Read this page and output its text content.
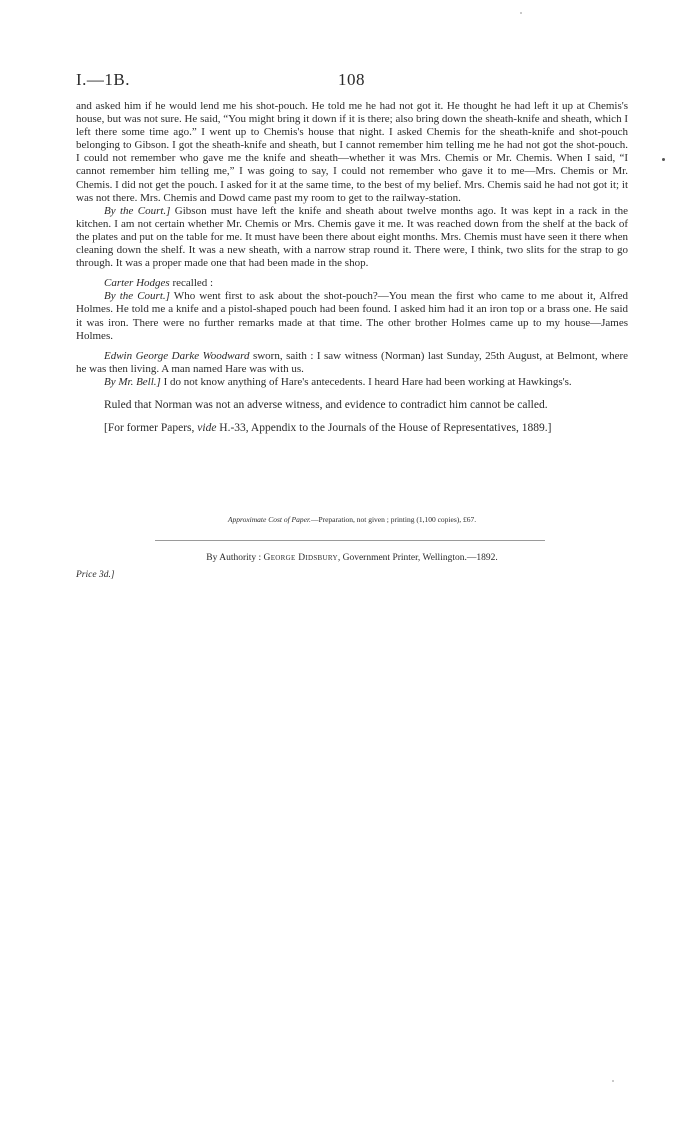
I.—1B.	108

and asked him if he would lend me his shot-pouch. He told me he had not got it. He thought he had left it up at Chemis's house, but was not sure. He said, “You might bring it down if it is there; also bring down the sheath-knife and sheath, which I left there some time ago.” I went up to Chemis's house that night. I asked Chemis for the sheath-knife and shot-pouch belonging to Gibson. I got the sheath-knife and sheath, but I cannot remember him telling me he had not got the shot-pouch. I could not remember who gave me the knife and sheath—whether it was Mrs. Chemis or Mr. Chemis. When I said, “I cannot remember him telling me,” I was going to say, I could not remember who gave it to me—Mrs. Chemis or Mr. Chemis. I did not get the pouch. I asked for it at the same time, to the best of my belief. Mrs. Chemis said he had not got it; it was not there. Mrs. Chemis and Dowd came past my room to get to the railway-station.

By the Court.] Gibson must have left the knife and sheath about twelve months ago. It was kept in a rack in the kitchen. I am not certain whether Mr. Chemis or Mrs. Chemis gave it me. It was reached down from the shelf at the back of the plates and put on the table for me. It must have been there about eight months. Mrs. Chemis must have seen it there when cleaning down the shelf. It was a new sheath, with a narrow strap round it. There were, I think, two slits for the strap to go through. It was a proper made one that had been made in the shop.

Carter Hodges recalled :

By the Court.] Who went first to ask about the shot-pouch?—You mean the first who came to me about it, Alfred Holmes. He told me a knife and a pistol-shaped pouch had been found. I asked him had it an iron top or a brass one. He said it was iron. There were no further remarks made at that time. The other brother Holmes came up to my house—James Holmes.

Edwin George Darke Woodward sworn, saith : I saw witness (Norman) last Sunday, 25th August, at Belmont, where he was then living. A man named Hare was with us.

By Mr. Bell.] I do not know anything of Hare's antecedents. I heard Hare had been working at Hawkings's.

Ruled that Norman was not an adverse witness, and evidence to contradict him cannot be called.

[For former Papers, vide H.-33, Appendix to the Journals of the House of Representatives, 1889.]

Approximate Cost of Paper.—Preparation, not given ; printing (1,100 copies), £67.
By Authority : George Didsbury, Government Printer, Wellington.—1892.
Price 3d.]
